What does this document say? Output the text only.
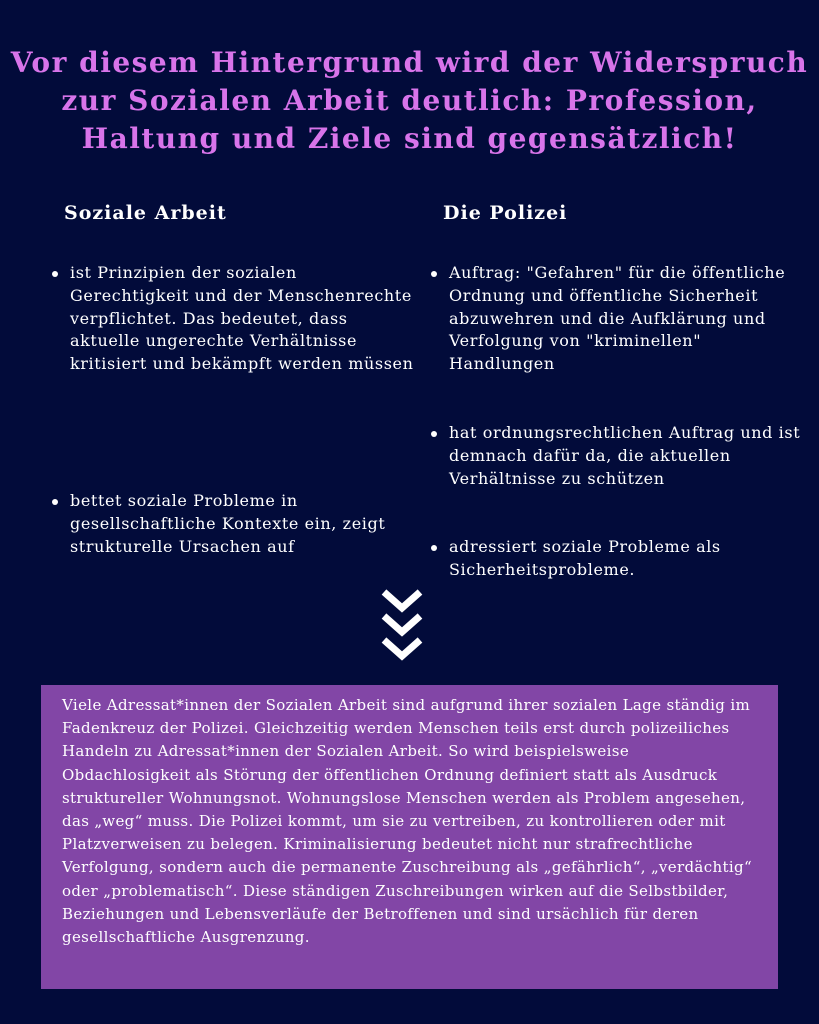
Vor diesem Hintergrund wird der Widerspruch zur Sozialen Arbeit deutlich: Profession, Haltung und Ziele sind gegensätzlich!
Soziale Arbeit	Die Polizei

ist Prinzipien der sozialen Gerechtigkeit und der Menschenrechte verpflichtet. Das bedeutet, dass aktuelle ungerechte Verhältnisse kritisiert und bekämpft werden müssen

bettet soziale Probleme in gesellschaftliche Kontexte ein, zeigt strukturelle Ursachen auf

Auftrag: "Gefahren" für die öffentliche Ordnung und öffentliche Sicherheit abzuwehren und die Aufklärung und Verfolgung von "kriminellen" Handlungen

hat ordnungsrechtlichen Auftrag und ist demnach dafür da, die aktuellen Verhältnisse zu schützen

adressiert soziale Probleme als Sicherheitsprobleme.

Viele Adressat*innen der Sozialen Arbeit sind aufgrund ihrer sozialen Lage ständig im Fadenkreuz der Polizei. Gleichzeitig werden Menschen teils erst durch polizeiliches Handeln zu Adressat*innen der Sozialen Arbeit. So wird beispielsweise Obdachlosigkeit als Störung der öffentlichen Ordnung definiert statt als Ausdruck struktureller Wohnungsnot. Wohnungslose Menschen werden als Problem angesehen, das „weg“ muss. Die Polizei kommt, um sie zu vertreiben, zu kontrollieren oder mit Platzverweisen zu belegen. Kriminalisierung bedeutet nicht nur strafrechtliche Verfolgung, sondern auch die permanente Zuschreibung als „gefährlich“, „verdächtig“ oder „problematisch“. Diese ständigen Zuschreibungen wirken auf die Selbstbilder, Beziehungen und Lebensverläufe der Betroffenen und sind ursächlich für deren gesellschaftliche Ausgrenzung.
